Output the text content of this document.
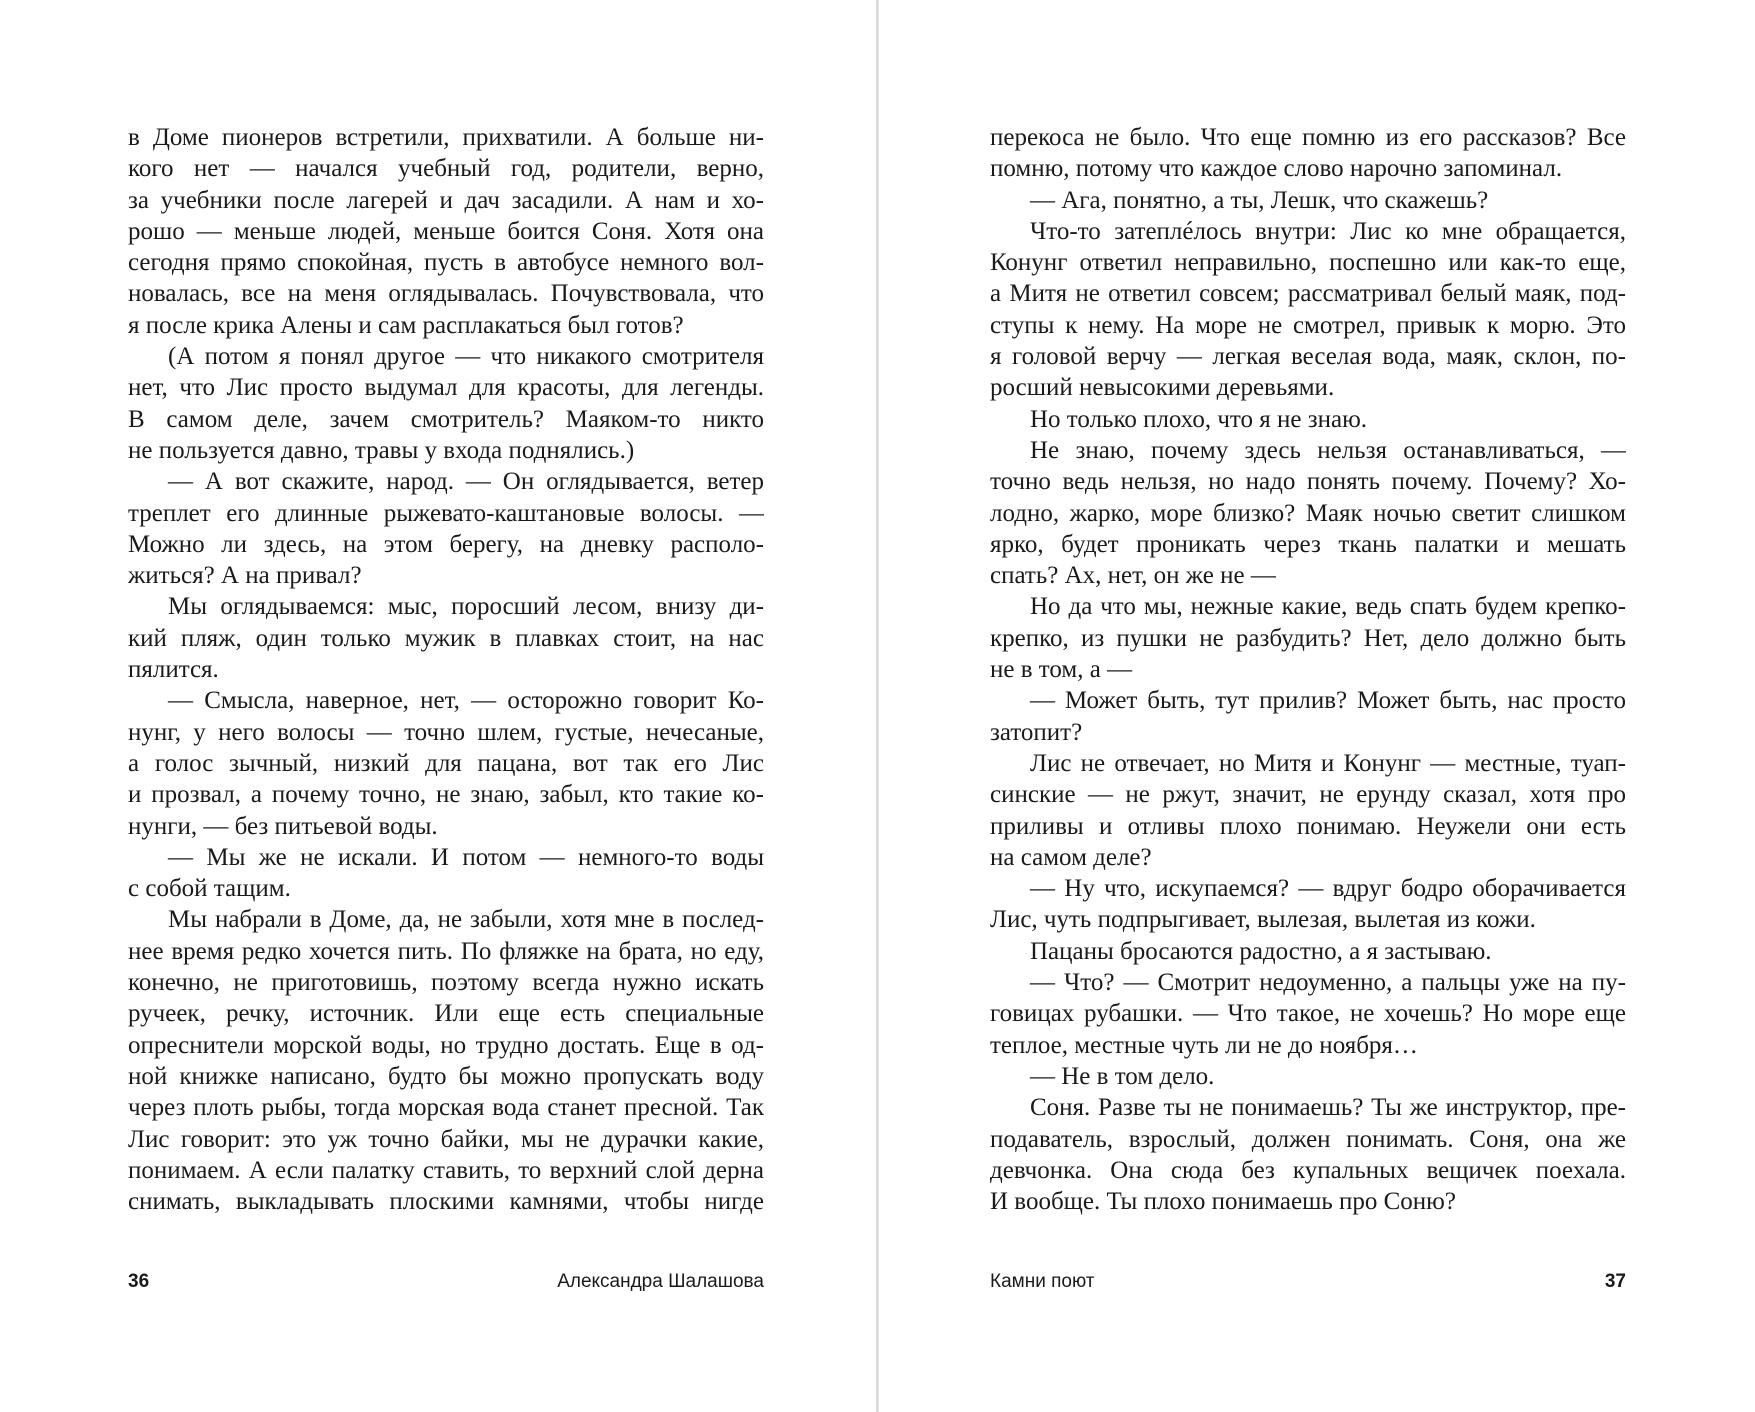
в Доме пионеров встретили, прихватили. А больше ни-
кого нет — начался учебный год, родители, верно,
за учебники после лагерей и дач засадили. А нам и хо-
рошо — меньше людей, меньше боится Соня. Хотя она
сегодня прямо спокойная, пусть в автобусе немного вол-
новалась, все на меня оглядывалась. Почувствовала, что
я после крика Алены и сам расплакаться был готов?
(А потом я понял другое — что никакого смотрителя
нет, что Лис просто выдумал для красоты, для легенды.
В самом деле, зачем смотритель? Маяком-то никто
не пользуется давно, травы у входа поднялись.)
— А вот скажите, народ. — Он оглядывается, ветер
треплет его длинные рыжевато-каштановые волосы. —
Можно ли здесь, на этом берегу, на дневку располо-
житься? А на привал?
Мы оглядываемся: мыс, поросший лесом, внизу ди-
кий пляж, один только мужик в плавках стоит, на нас
пялится.
— Смысла, наверное, нет, — осторожно говорит Ко-
нунг, у него волосы — точно шлем, густые, нечесаные,
а голос зычный, низкий для пацана, вот так его Лис
и прозвал, а почему точно, не знаю, забыл, кто такие ко-
нунги, — без питьевой воды.
— Мы же не искали. И потом — немного-то воды
с собой тащим.
Мы набрали в Доме, да, не забыли, хотя мне в послед-
нее время редко хочется пить. По фляжке на брата, но еду,
конечно, не приготовишь, поэтому всегда нужно искать
ручеек, речку, источник. Или еще есть специальные
опреснители морской воды, но трудно достать. Еще в од-
ной книжке написано, будто бы можно пропускать воду
через плоть рыбы, тогда морская вода станет пресной. Так
Лис говорит: это уж точно байки, мы не дурачки какие,
понимаем. А если палатку ставить, то верхний слой дерна
снимать, выкладывать плоскими камнями, чтобы нигде
36	Александра Шалашова
перекоса не было. Что еще помню из его рассказов? Все
помню, потому что каждое слово нарочно запоминал.
— Ага, понятно, а ты, Лешк, что скажешь?
Что-то затеплéлось внутри: Лис ко мне обращается,
Конунг ответил неправильно, поспешно или как-то еще,
а Митя не ответил совсем; рассматривал белый маяк, под-
ступы к нему. На море не смотрел, привык к морю. Это
я головой верчу — легкая веселая вода, маяк, склон, по-
росший невысокими деревьями.
Но только плохо, что я не знаю.
Не знаю, почему здесь нельзя останавливаться, —
точно ведь нельзя, но надо понять почему. Почему? Хо-
лодно, жарко, море близко? Маяк ночью светит слишком
ярко, будет проникать через ткань палатки и мешать
спать? Ах, нет, он же не —
Но да что мы, нежные какие, ведь спать будем крепко-
крепко, из пушки не разбудить? Нет, дело должно быть
не в том, а —
— Может быть, тут прилив? Может быть, нас просто
затопит?
Лис не отвечает, но Митя и Конунг — местные, туап-
синские — не ржут, значит, не ерунду сказал, хотя про
приливы и отливы плохо понимаю. Неужели они есть
на самом деле?
— Ну что, искупаемся? — вдруг бодро оборачивается
Лис, чуть подпрыгивает, вылезая, вылетая из кожи.
Пацаны бросаются радостно, а я застываю.
— Что? — Смотрит недоуменно, а пальцы уже на пу-
говицах рубашки. — Что такое, не хочешь? Но море еще
теплое, местные чуть ли не до ноября…
— Не в том дело.
Соня. Разве ты не понимаешь? Ты же инструктор, пре-
подаватель, взрослый, должен понимать. Соня, она же
девчонка. Она сюда без купальных вещичек поехала.
И вообще. Ты плохо понимаешь про Соню?
Камни поют	37
